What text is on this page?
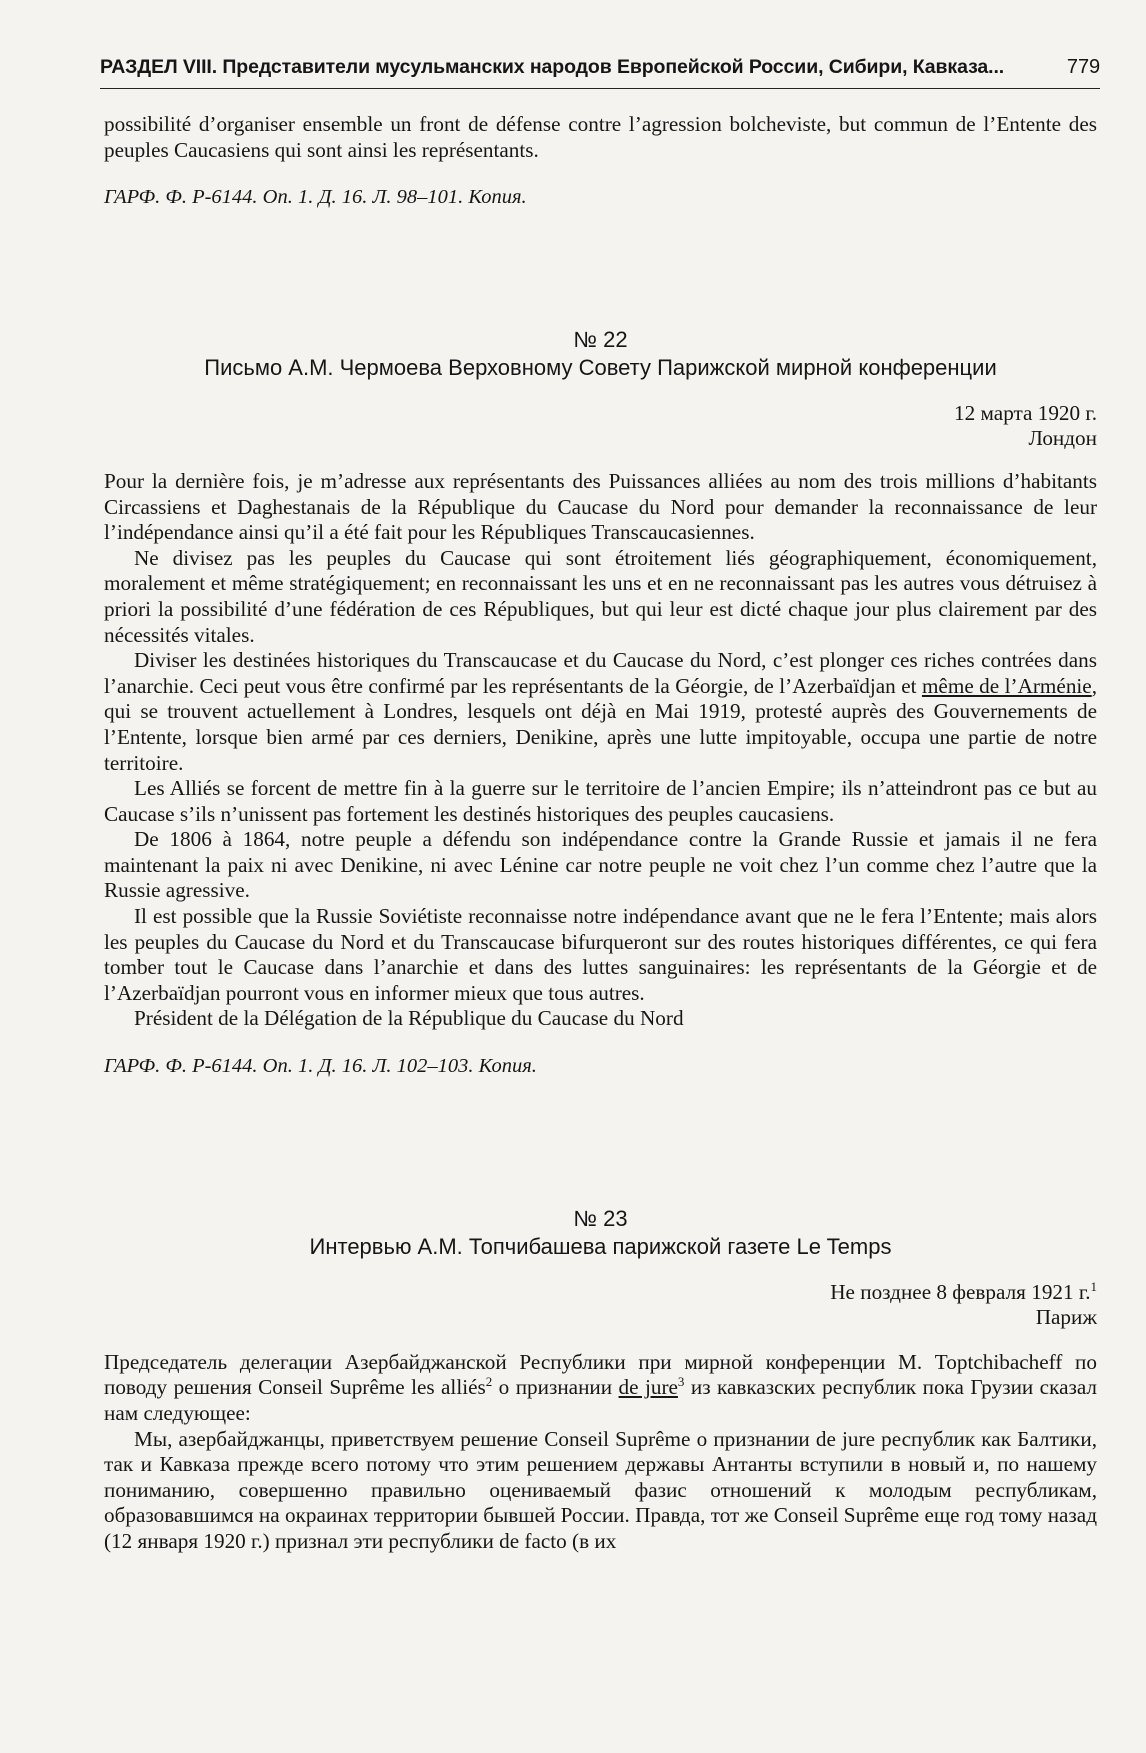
РАЗДЕЛ VIII. Представители мусульманских народов Европейской России, Сибири, Кавказа...	779

possibilité d’organiser ensemble un front de défense contre l’agression bolcheviste, but commun de l’Entente des peuples Caucasiens qui sont ainsi les représentants.

ГАРФ. Ф. Р-6144. Оп. 1. Д. 16. Л. 98–101. Копия.

№ 22
Письмо А.М. Чермоева Верховному Совету Парижской мирной конференции
12 марта 1920 г.
Лондон

Pour la dernière fois, je m’adresse aux représentants des Puissances alliées au nom des trois millions d’habitants Circassiens et Daghestanais de la République du Caucase du Nord pour demander la reconnaissance de leur l’indépendance ainsi qu’il a été fait pour les Républiques Transcaucasiennes.

Ne divisez pas les peuples du Caucase qui sont étroitement liés géographiquement, économiquement, moralement et même stratégiquement; en reconnaissant les uns et en ne reconnaissant pas les autres vous détruisez à priori la possibilité d’une fédération de ces Républiques, but qui leur est dicté chaque jour plus clairement par des nécessités vitales.

Diviser les destinées historiques du Transcaucase et du Caucase du Nord, c’est plonger ces riches contrées dans l’anarchie. Ceci peut vous être confirmé par les représentants de la Géorgie, de l’Azerbaïdjan et même de l’Arménie, qui se trouvent actuellement à Londres, lesquels ont déjà en Mai 1919, protesté auprès des Gouvernements de l’Entente, lorsque bien armé par ces derniers, Denikine, après une lutte impitoyable, occupa une partie de notre territoire.

Les Alliés se forcent de mettre fin à la guerre sur le territoire de l’ancien Empire; ils n’atteindront pas ce but au Caucase s’ils n’unissent pas fortement les destinés historiques des peuples caucasiens.

De 1806 à 1864, notre peuple a défendu son indépendance contre la Grande Russie et jamais il ne fera maintenant la paix ni avec Denikine, ni avec Lénine car notre peuple ne voit chez l’un comme chez l’autre que la Russie agressive.

Il est possible que la Russie Soviétiste reconnaisse notre indépendance avant que ne le fera l’Entente; mais alors les peuples du Caucase du Nord et du Transcaucase bifurqueront sur des routes historiques différentes, ce qui fera tomber tout le Caucase dans l’anarchie et dans des luttes sanguinaires: les représentants de la Géorgie et de l’Azerbaïdjan pourront vous en informer mieux que tous autres.

Président de la Délégation de la République du Caucase du Nord

ГАРФ. Ф. Р-6144. Оп. 1. Д. 16. Л. 102–103. Копия.

№ 23
Интервью А.М. Топчибашева парижской газете Le Temps
Не позднее 8 февраля 1921 г.$^1$
Париж

Председатель делегации Азербайджанской Республики при мирной конференции М. Toptchibacheff по поводу решения Conseil Suprême les alliés$^2$ о признании de jure$^3$ из кавказских республик пока Грузии сказал нам следующее:

Мы, азербайджанцы, приветствуем решение Conseil Suprême о признании de jure республик как Балтики, так и Кавказа прежде всего потому что этим решением державы Антанты вступили в новый и, по нашему пониманию, совершенно правильно оцениваемый фазис отношений к молодым республикам, образовавшимся на окраинах территории бывшей России. Правда, тот же Conseil Suprême еще год тому назад (12 января 1920 г.) признал эти республики de facto (в их
